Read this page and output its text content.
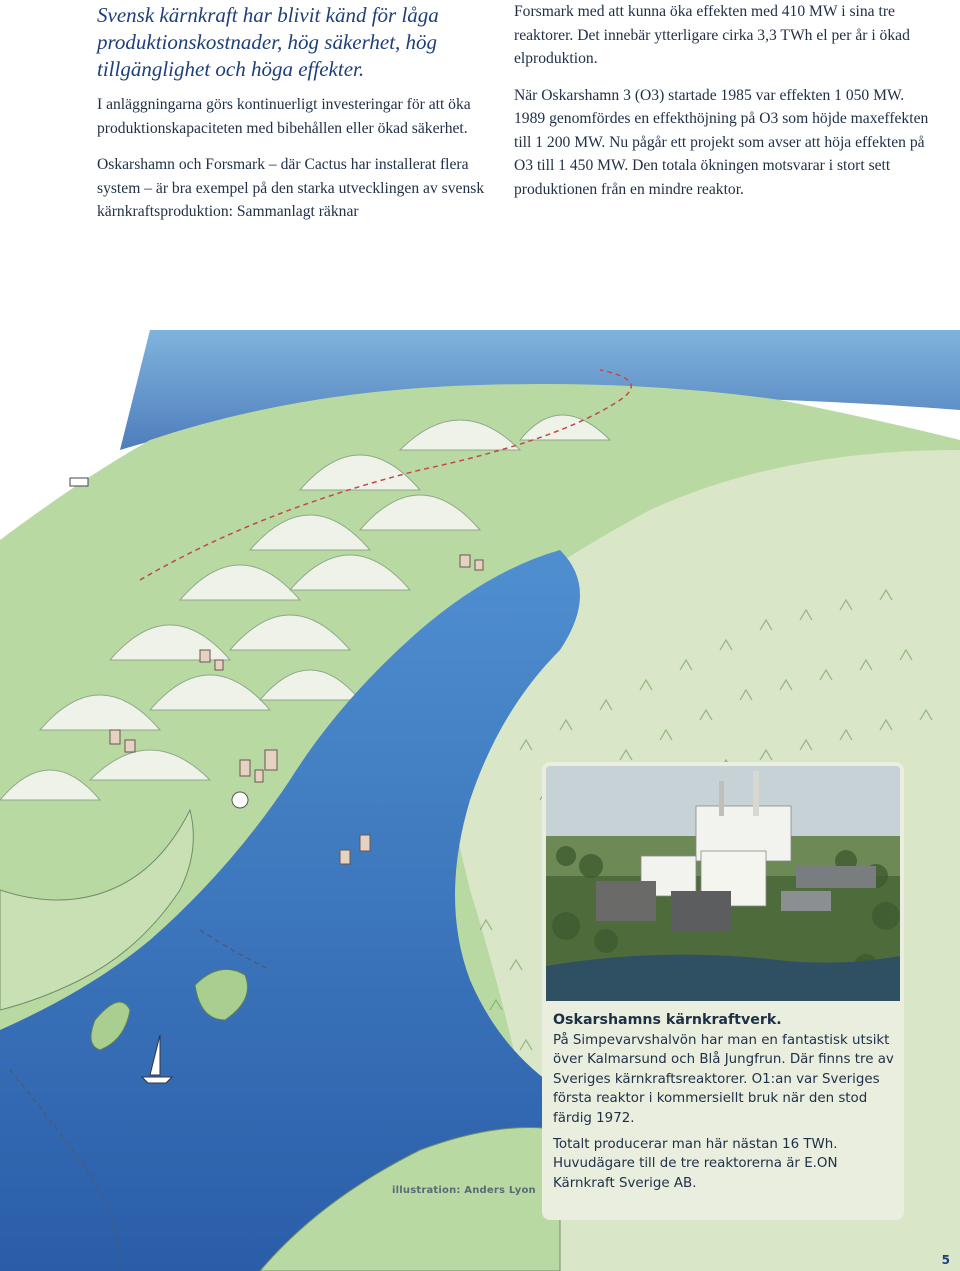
Svensk kärnkraft har blivit känd för låga produktionskostnader, hög säkerhet, hög tillgänglighet och höga effekter.

I anläggningarna görs kontinuerligt investeringar för att öka produktionskapaciteten med bibehållen eller ökad säkerhet.

Oskarshamn och Forsmark – där Cactus har installerat flera system – är bra exempel på den starka utvecklingen av svensk kärnkraftsproduktion: Sammanlagt räknar

Forsmark med att kunna öka effekten med 410 MW i sina tre reaktorer. Det innebär ytterligare cirka 3,3 TWh el per år i ökad elproduktion.

När Oskarshamn 3 (O3) startade 1985 var effekten 1 050 MW. 1989 genomfördes en effekthöjning på O3 som höjde maxeffekten till 1 200 MW. Nu pågår ett projekt som avser att höja effekten på O3 till 1 450 MW. Den totala ökningen motsvarar i stort sett produktionen från en mindre reaktor.

illustration: Anders Lyon
Oskarshamns kärnkraftverk.
På Simpevarvshalvön har man en fantastisk utsikt över Kalmarsund och Blå Jungfrun. Där finns tre av Sveriges kärnkraftsreaktorer. O1:an var Sveriges första reaktor i kommersiellt bruk när den stod färdig 1972.
Totalt producerar man här nästan 16 TWh. Huvudägare till de tre reaktorerna är E.ON Kärnkraft Sverige AB.
5
